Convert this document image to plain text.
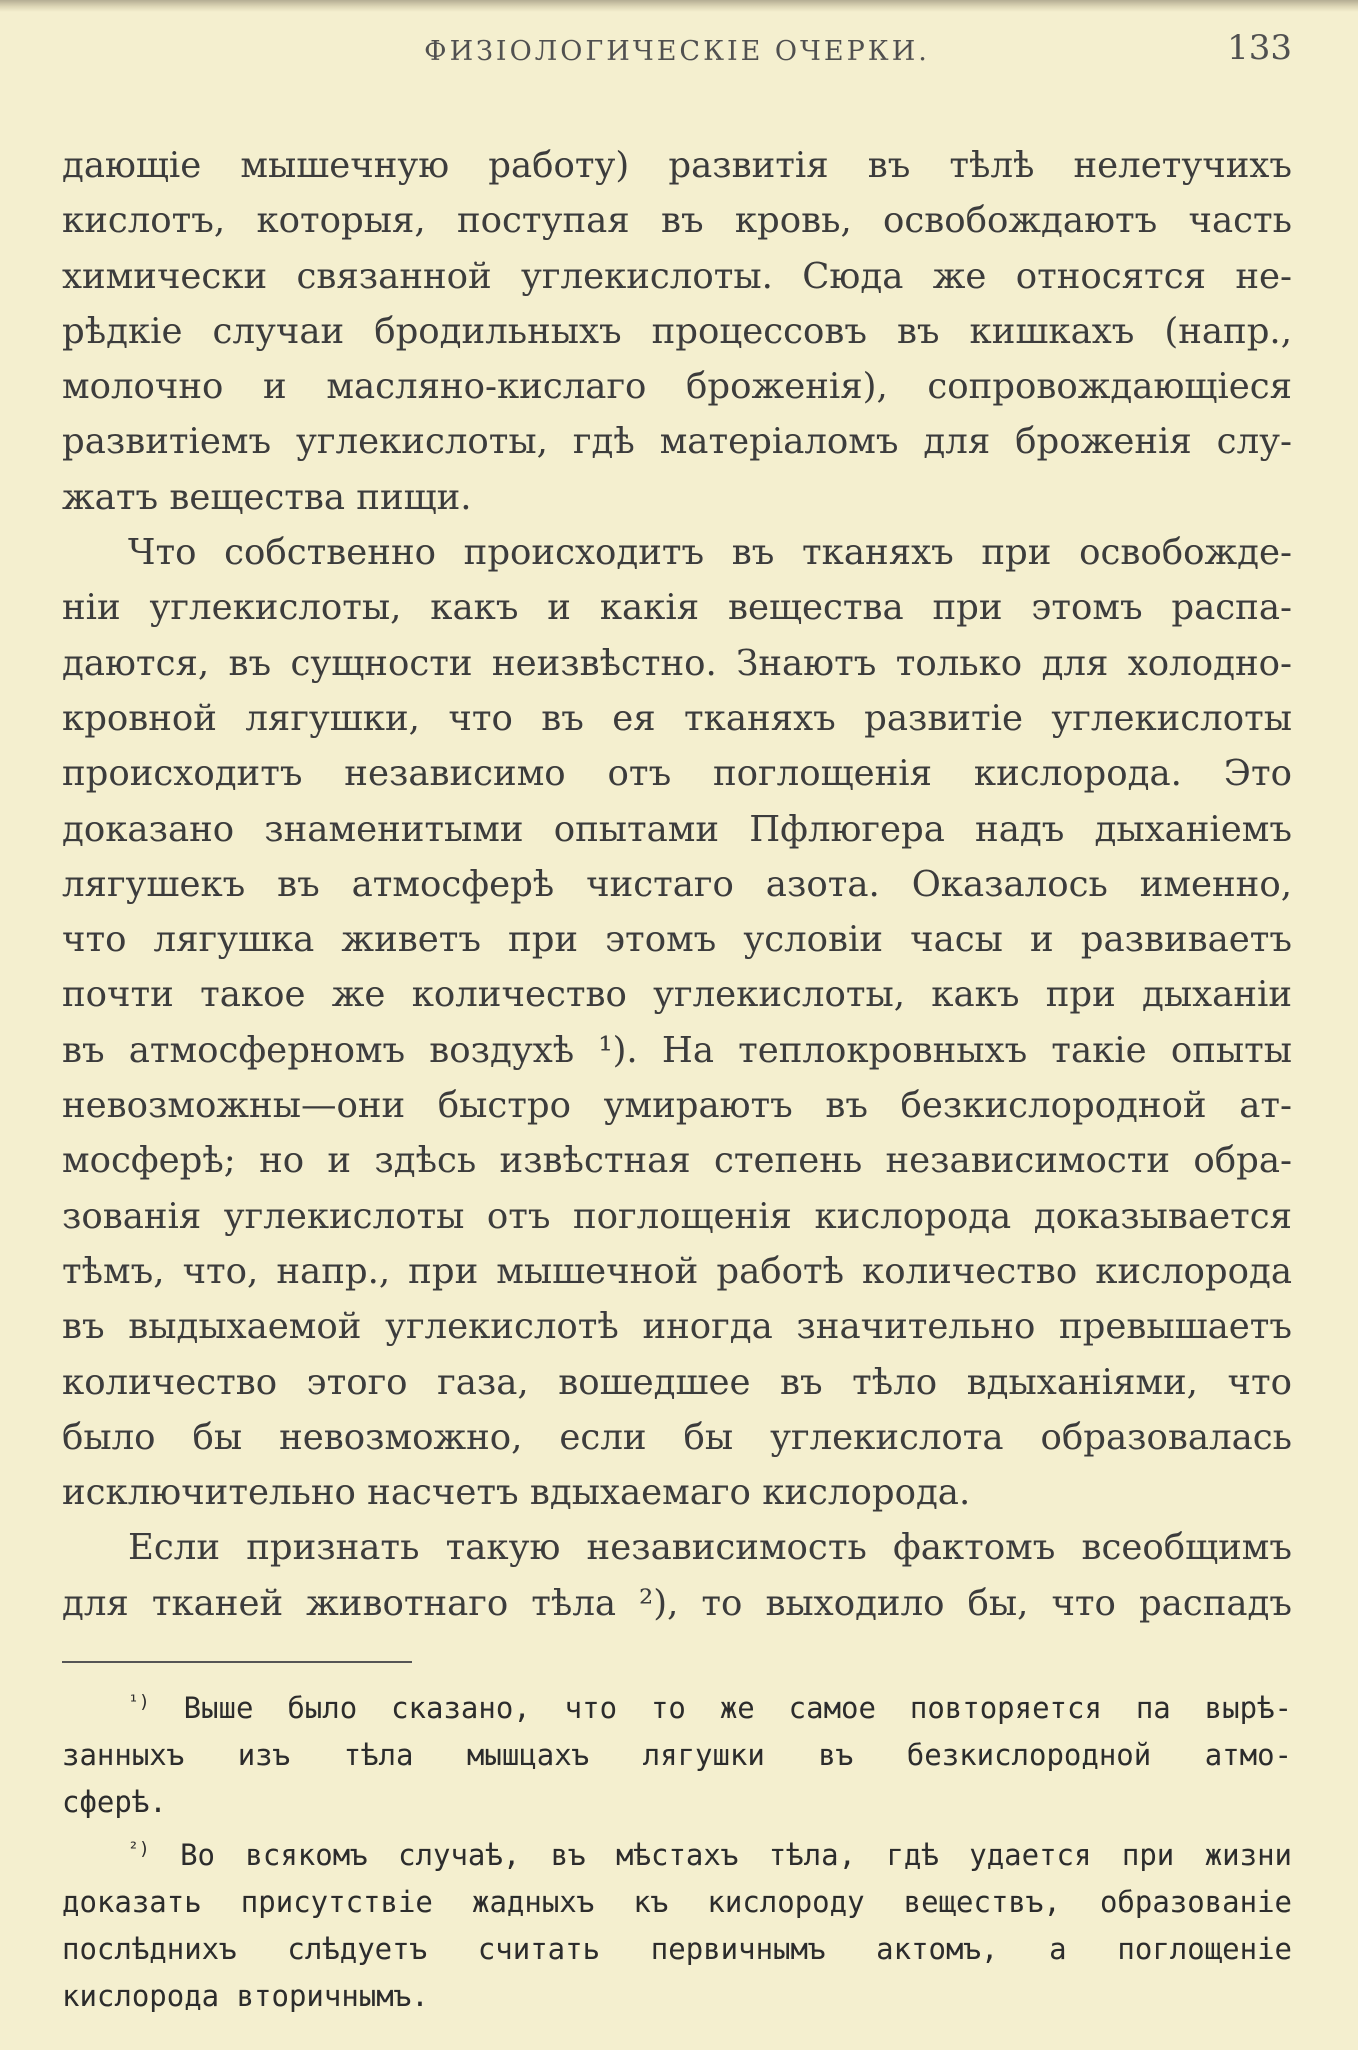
ФИЗІОЛОГИЧЕСКІЕ ОЧЕРКИ.	133
дающіе мышечную работу) развитія въ тѣлѣ нелетучихъ
кислотъ, которыя, поступая въ кровь, освобождаютъ часть
химически связанной углекислоты. Сюда же относятся не-
рѣдкіе случаи бродильныхъ процессовъ въ кишкахъ (напр.,
молочно и масляно-кислаго броженія), сопровождающіеся
развитіемъ углекислоты, гдѣ матеріаломъ для броженія слу-
жатъ вещества пищи.
Что собственно происходитъ въ тканяхъ при освобожде-
ніи углекислоты, какъ и какія вещества при этомъ распа-
даются, въ сущности неизвѣстно. Знаютъ только для холодно-
кровной лягушки, что въ ея тканяхъ развитіе углекислоты
происходитъ независимо отъ поглощенія кислорода. Это
доказано знаменитыми опытами Пфлюгера надъ дыханіемъ
лягушекъ въ атмосферѣ чистаго азота. Оказалось именно,
что лягушка живетъ при этомъ условіи часы и развиваетъ
почти такое же количество углекислоты, какъ при дыханіи
въ атмосферномъ воздухѣ ¹). На теплокровныхъ такіе опыты
невозможны—они быстро умираютъ въ безкислородной ат-
мосферѣ; но и здѣсь извѣстная степень независимости обра-
зованія углекислоты отъ поглощенія кислорода доказывается
тѣмъ, что, напр., при мышечной работѣ количество кислорода
въ выдыхаемой углекислотѣ иногда значительно превышаетъ
количество этого газа, вошедшее въ тѣло вдыханіями, что
было бы невозможно, если бы углекислота образовалась
исключительно насчетъ вдыхаемаго кислорода.
Если признать такую независимость фактомъ всеобщимъ
для тканей животнаго тѣла ²), то выходило бы, что распадъ
$^{^1)}$ Выше было сказано, что то же самое повторяется па вырѣ-
занныхъ изъ тѣла мышцахъ лягушки въ безкислородной атмо-
сферѣ.
$^{^2)}$ Во всякомъ случаѣ, въ мѣстахъ тѣла, гдѣ удается при жизни
доказать присутствіе жадныхъ къ кислороду веществъ, образованіе
послѣднихъ слѣдуетъ считать первичнымъ актомъ, а поглощеніе
кислорода вторичнымъ.
